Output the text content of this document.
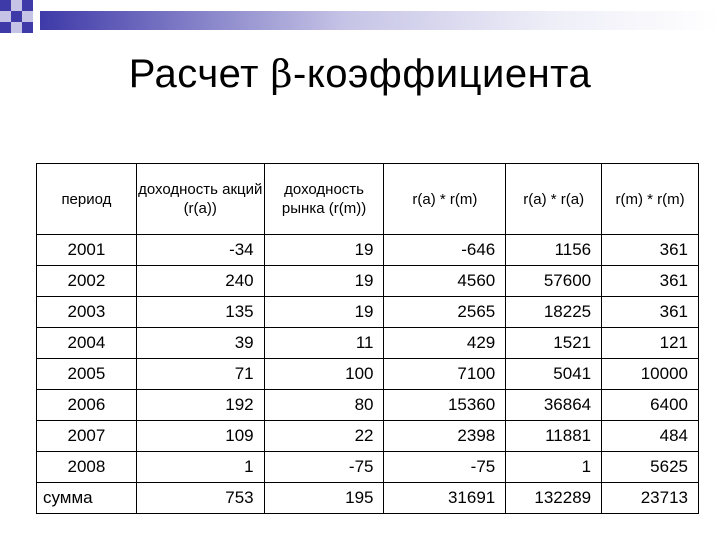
Расчет β-коэффициента
период	доходность акций (r(a))	доходность рынка (r(m))	r(a) * r(m)	r(a) * r(a)	r(m) * r(m)
2001	-34	19	-646	1156	361
2002	240	19	4560	57600	361
2003	135	19	2565	18225	361
2004	39	11	429	1521	121
2005	71	100	7100	5041	10000
2006	192	80	15360	36864	6400
2007	109	22	2398	11881	484
2008	1	-75	-75	1	5625
сумма	753	195	31691	132289	23713
